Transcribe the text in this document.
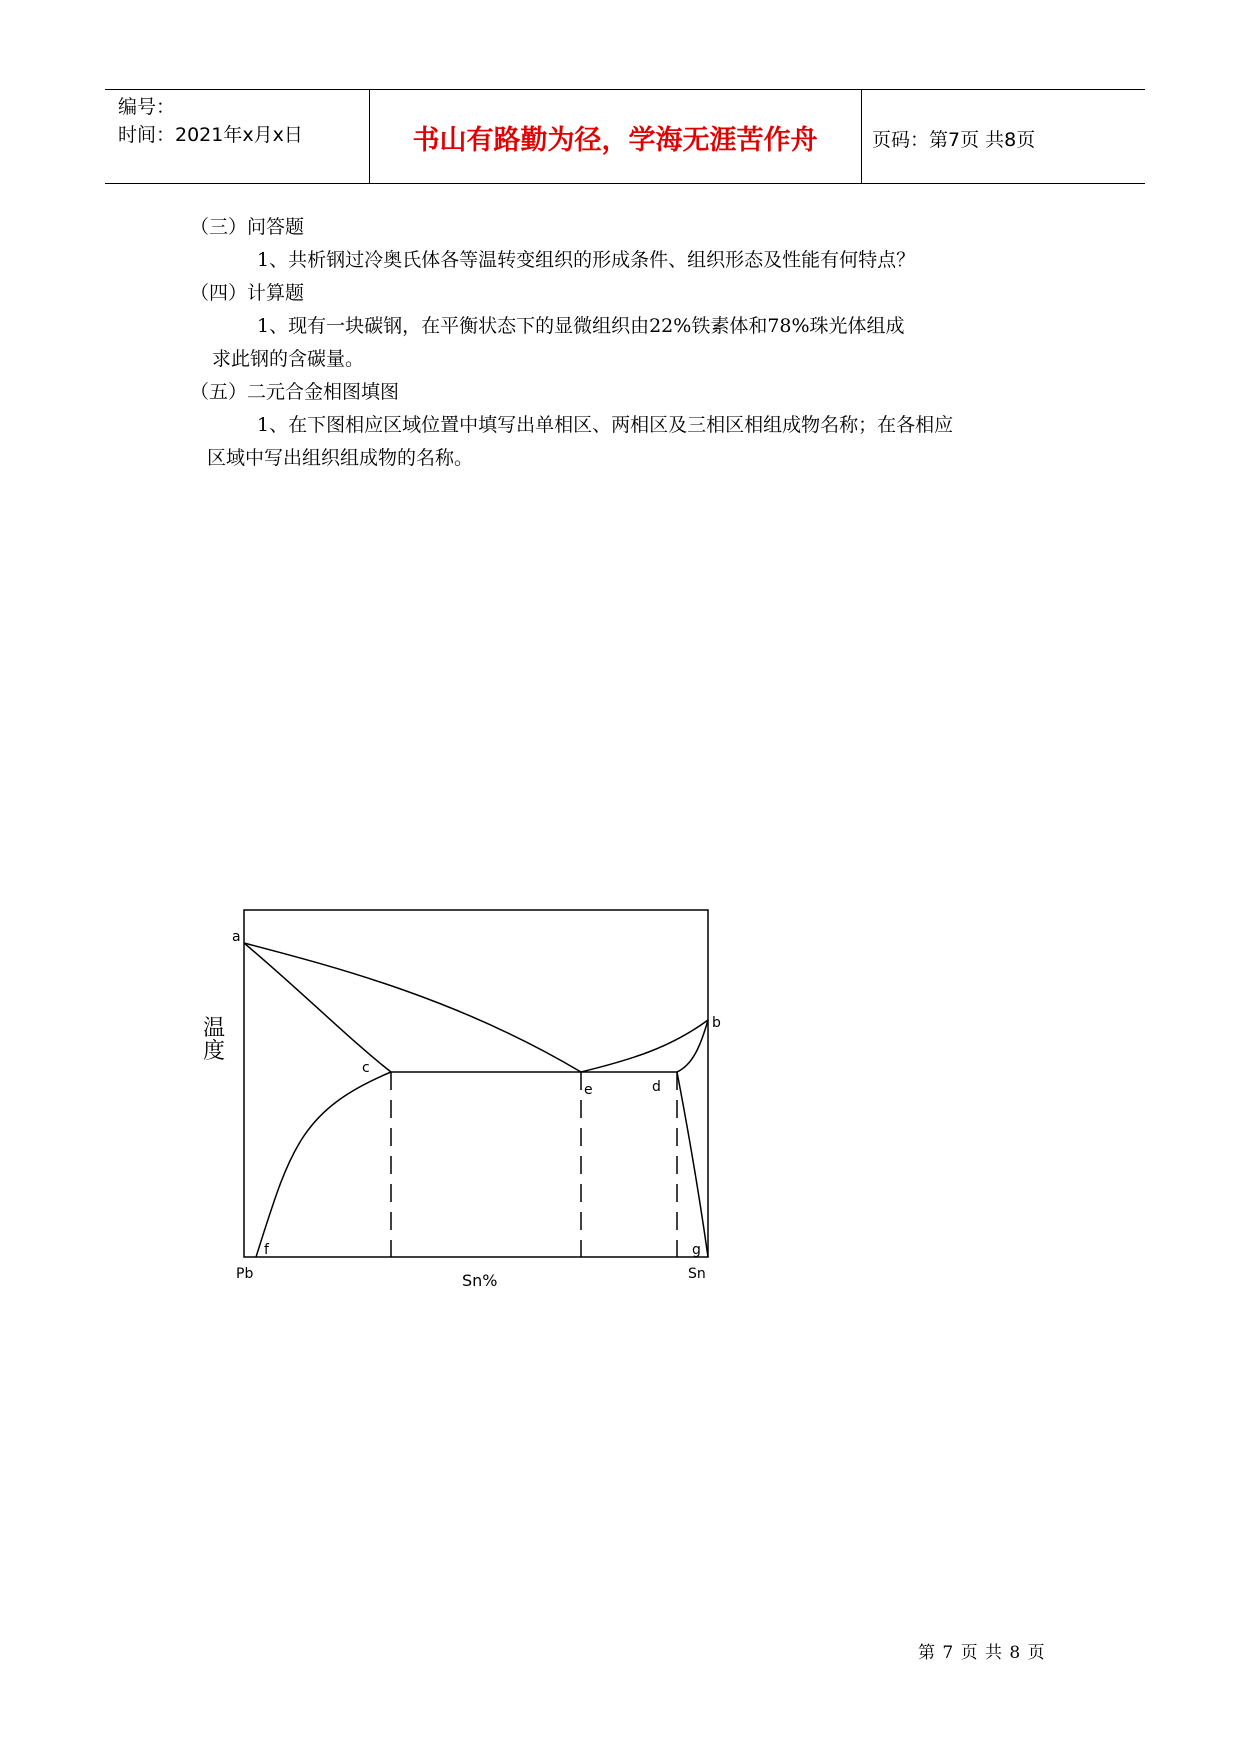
编号：
时间：2021年x月x日	书山有路勤为径，学海无涯苦作舟	页码：第7页 共8页
（三）问答题
1、共析钢过冷奥氏体各等温转变组织的形成条件、组织形态及性能有何特点？
（四）计算题
1、现有一块碳钢，在平衡状态下的显微组织由22%铁素体和78%珠光体组成
求此钢的含碳量。
（五）二元合金相图填图
1、在下图相应区域位置中填写出单相区、两相区及三相区相组成物名称；在各相应
区域中写出组织组成物的名称。
温
度
Sn%
Pb	Sn
a
b
c
d
e
f	g
第 7 页 共 8 页
